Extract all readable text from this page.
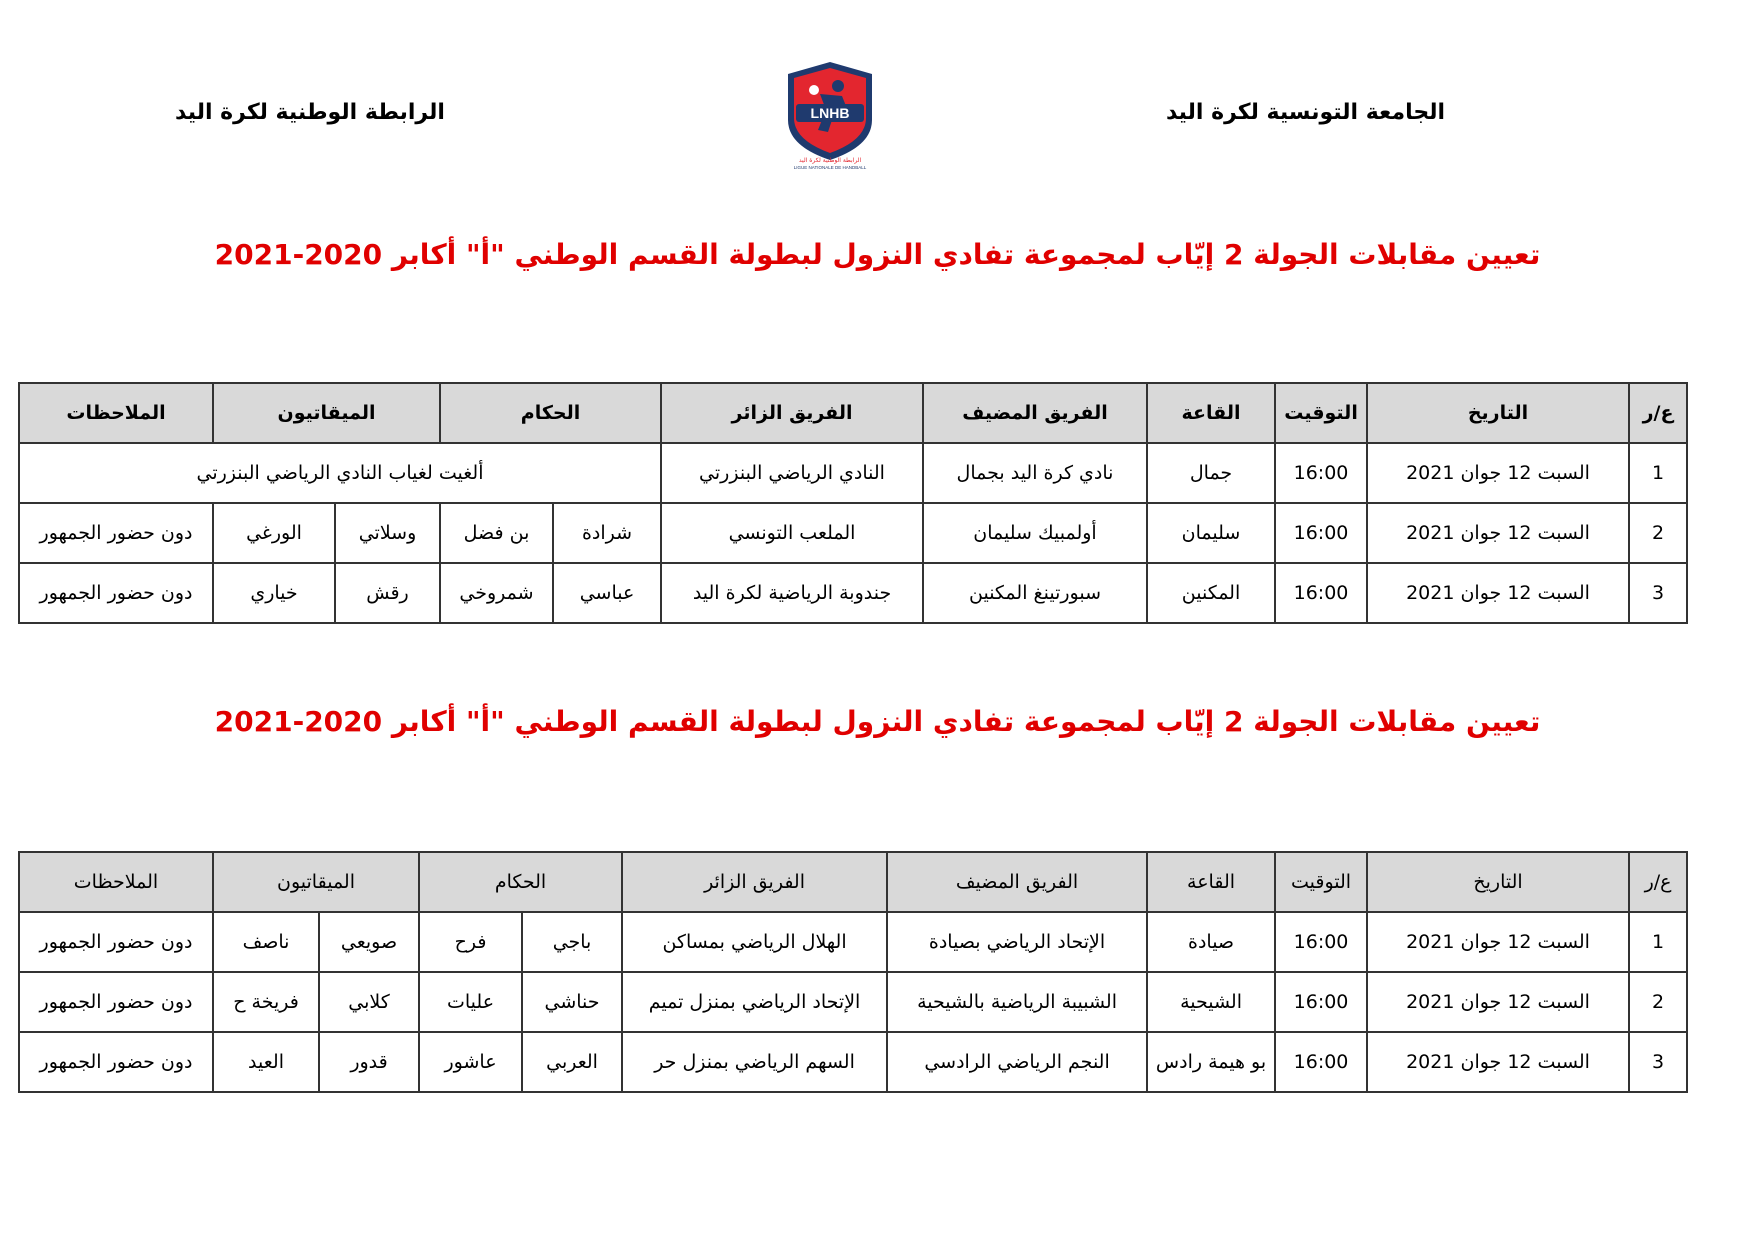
الجامعة التونسية لكرة اليد
الرابطة الوطنية لكرة اليد	LNHB
الرابطة الوطنية لكرة اليد
LIGUE NATIONALE DE HANDBALL
تعيين مقابلات الجولة 2 إيّاب لمجموعة تفادي النزول لبطولة القسم الوطني "أ" أكابر 2020-2021
ع/ر	التاريخ	التوقيت	القاعة	الفريق المضيف	الفريق الزائر	الحكام		الميقاتيون		الملاحظات
1	السبت 12 جوان 2021	16:00	جمال	نادي كرة اليد بجمال	النادي الرياضي البنزرتي	ألغيت لغياب النادي الرياضي البنزرتي				
2	السبت 12 جوان 2021	16:00	سليمان	أولمبيك سليمان	الملعب التونسي	شرادة	بن فضل	وسلاتي	الورغي	دون حضور الجمهور
3	السبت 12 جوان 2021	16:00	المكنين	سبورتينغ المكنين	جندوبة الرياضية لكرة اليد	عباسي	شمروخي	رقش	خياري	دون حضور الجمهور
تعيين مقابلات الجولة 2 إيّاب لمجموعة تفادي النزول لبطولة القسم الوطني "أ" أكابر 2020-2021
ع/ر	التاريخ	التوقيت	القاعة	الفريق المضيف	الفريق الزائر	الحكام		الميقاتيون		الملاحظات
1	السبت 12 جوان 2021	16:00	صيادة	الإتحاد الرياضي بصيادة	الهلال الرياضي بمساكن	باجي	فرح	صويعي	ناصف	دون حضور الجمهور
2	السبت 12 جوان 2021	16:00	الشيحية	الشبيبة الرياضية بالشيحية	الإتحاد الرياضي بمنزل تميم	حناشي	عليات	كلابي	فريخة ح	دون حضور الجمهور
3	السبت 12 جوان 2021	16:00	بو هيمة رادس	النجم الرياضي الرادسي	السهم الرياضي بمنزل حر	العربي	عاشور	قدور	العيد	دون حضور الجمهور
